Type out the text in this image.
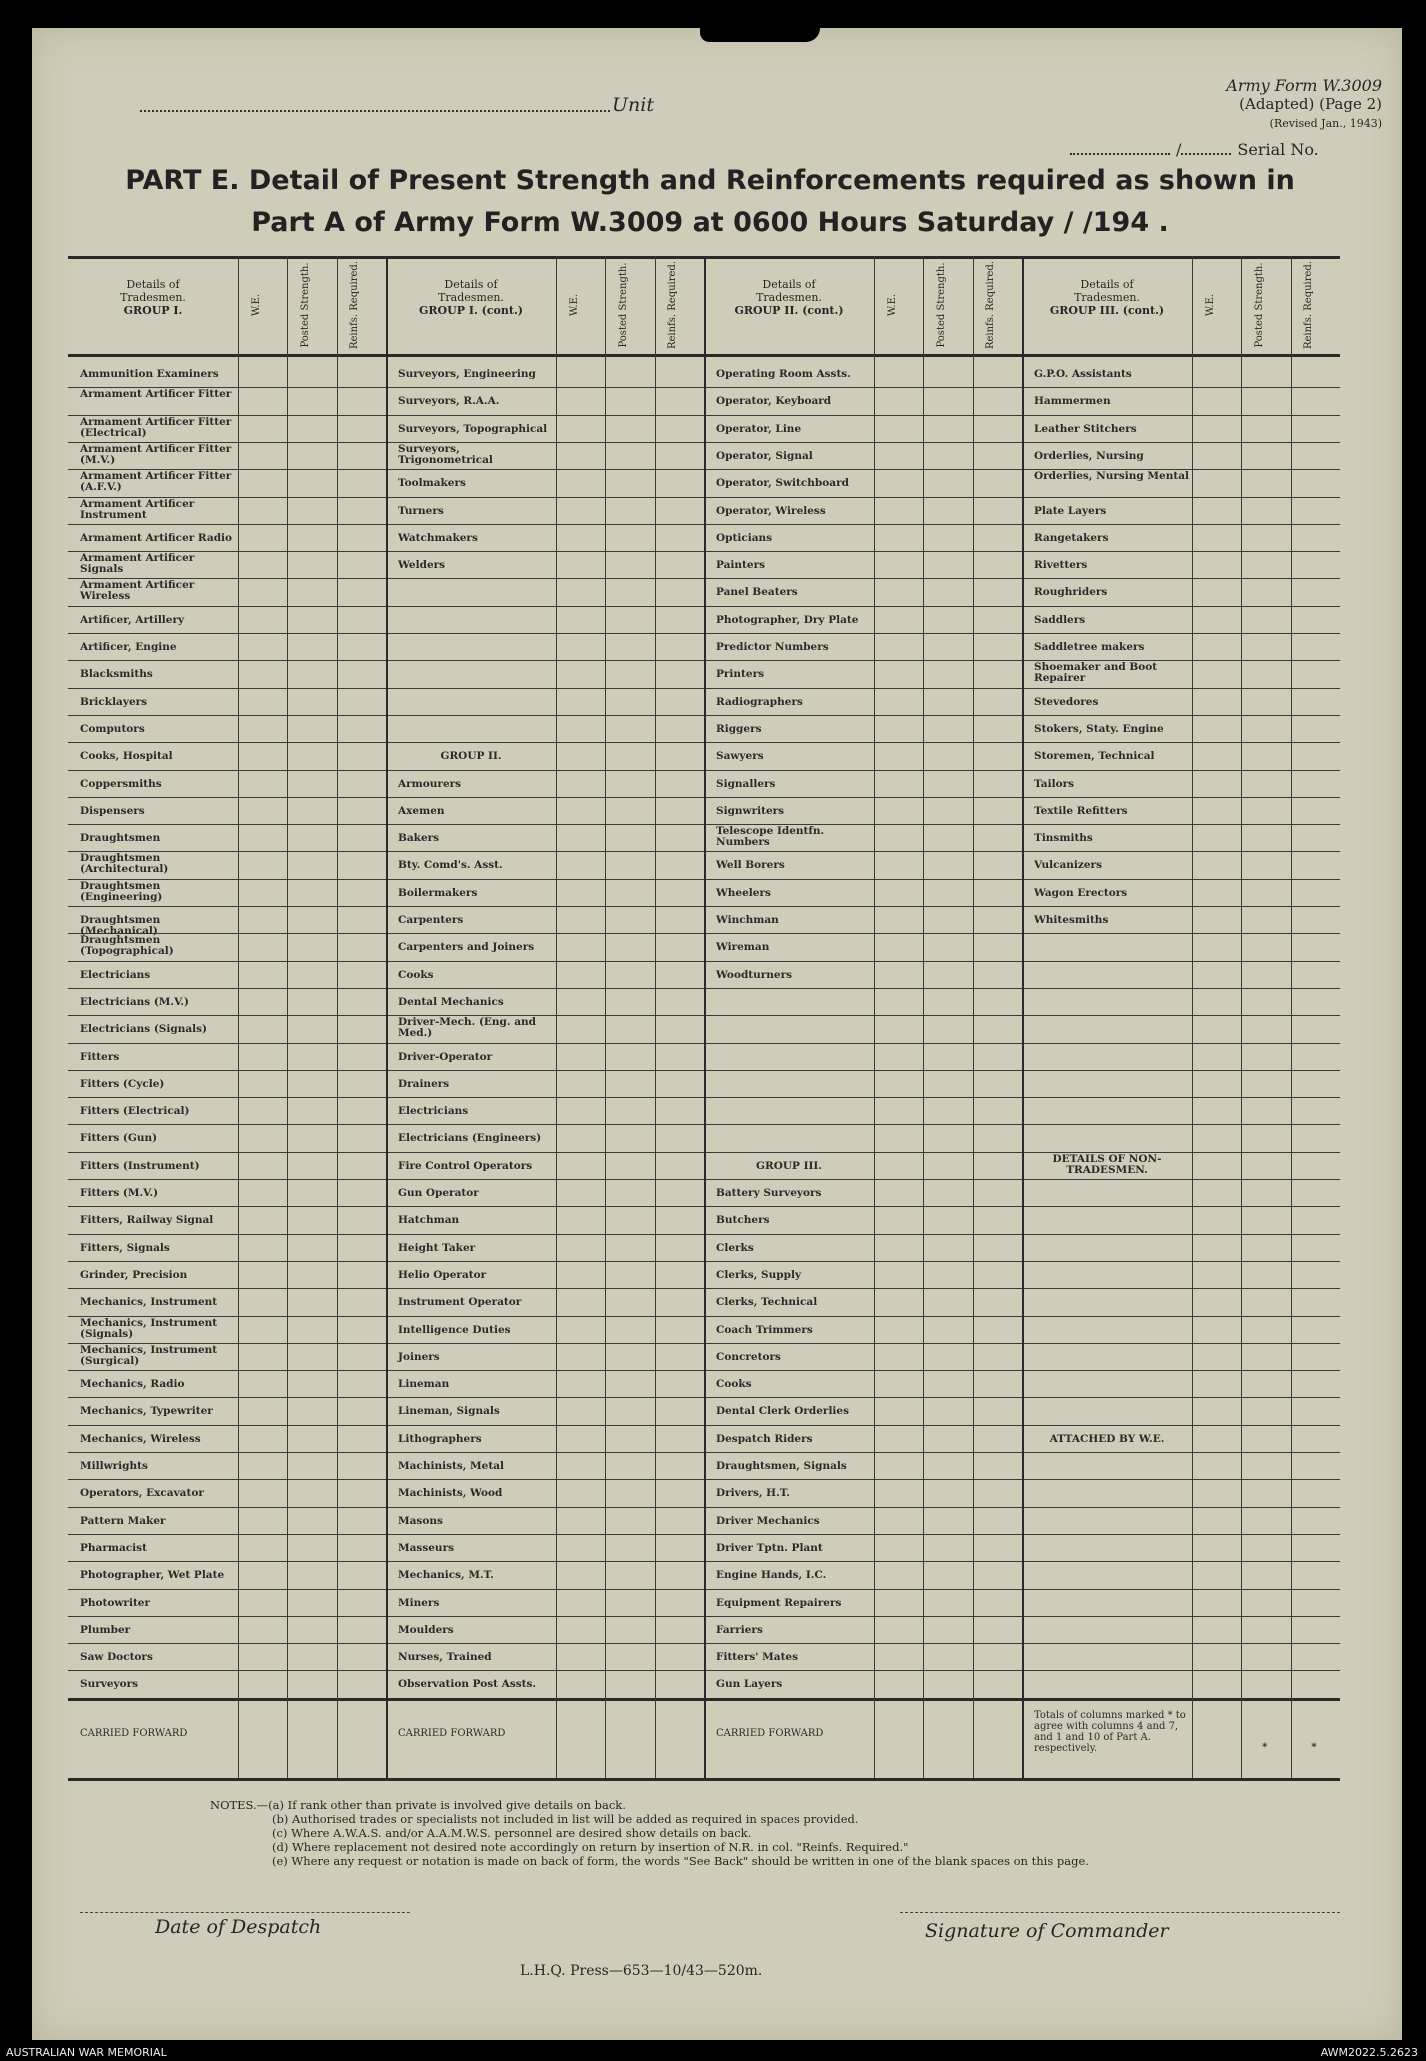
Unit
Army Form W.3009
(Adapted) (Page 2)
(Revised Jan., 1943)
/	Serial No.
PART E. Detail of Present Strength and Reinforcements required as shown in
Part A of Army Form W.3009 at 0600 Hours Saturday / /194 .
Details of
Tradesmen.
GROUP I.	W.E.	Posted Strength.	Reinfs. Required.
Ammunition Examiners
Armament Artificer Fitter
Armament Artificer Fitter (Electrical)
Armament Artificer Fitter (M.V.)
Armament Artificer Fitter (A.F.V.)
Armament Artificer Instrument
Armament Artificer Radio
Armament Artificer Signals
Armament Artificer Wireless
Artificer, Artillery
Artificer, Engine
Blacksmiths
Bricklayers
Computors
Cooks, Hospital
Coppersmiths
Dispensers
Draughtsmen
Draughtsmen (Architectural)
Draughtsmen (Engineering)
Draughtsmen (Mechanical)
Draughtsmen (Topographical)
Electricians
Electricians (M.V.)
Electricians (Signals)
Fitters
Fitters (Cycle)
Fitters (Electrical)
Fitters (Gun)
Fitters (Instrument)
Fitters (M.V.)
Fitters, Railway Signal
Fitters, Signals
Grinder, Precision
Mechanics, Instrument
Mechanics, Instrument (Signals)
Mechanics, Instrument (Surgical)
Mechanics, Radio
Mechanics, Typewriter
Mechanics, Wireless
Millwrights
Operators, Excavator
Pattern Maker
Pharmacist
Photographer, Wet Plate
Photowriter
Plumber
Saw Doctors
Surveyors
CARRIED FORWARD
Details of
Tradesmen.
GROUP I. (cont.)	W.E.	Posted Strength.	Reinfs. Required.
Surveyors, Engineering
Surveyors, R.A.A.
Surveyors, Topographical
Surveyors, Trigonometrical
Toolmakers
Turners
Watchmakers
Welders
GROUP II.
Armourers
Axemen
Bakers
Bty. Comd's. Asst.
Boilermakers
Carpenters
Carpenters and Joiners
Cooks
Dental Mechanics
Driver-Mech. (Eng. and Med.)
Driver-Operator
Drainers
Electricians
Electricians (Engineers)
Fire Control Operators
Gun Operator
Hatchman
Height Taker
Helio Operator
Instrument Operator
Intelligence Duties
Joiners
Lineman
Lineman, Signals
Lithographers
Machinists, Metal
Machinists, Wood
Masons
Masseurs
Mechanics, M.T.
Miners
Moulders
Nurses, Trained
Observation Post Assts.
CARRIED FORWARD
Details of
Tradesmen.
GROUP II. (cont.)	W.E.	Posted Strength.	Reinfs. Required.
Operating Room Assts.
Operator, Keyboard
Operator, Line
Operator, Signal
Operator, Switchboard
Operator, Wireless
Opticians
Painters
Panel Beaters
Photographer, Dry Plate
Predictor Numbers
Printers
Radiographers
Riggers
Sawyers
Signallers
Signwriters
Telescope Identfn. Numbers
Well Borers
Wheelers
Winchman
Wireman
Woodturners
GROUP III.
Battery Surveyors
Butchers
Clerks
Clerks, Supply
Clerks, Technical
Coach Trimmers
Concretors
Cooks
Dental Clerk Orderlies
Despatch Riders
Draughtsmen, Signals
Drivers, H.T.
Driver Mechanics
Driver Tptn. Plant
Engine Hands, I.C.
Equipment Repairers
Farriers
Fitters' Mates
Gun Layers
CARRIED FORWARD
Details of
Tradesmen.
GROUP III. (cont.)	W.E.	Posted Strength.	Reinfs. Required.
G.P.O. Assistants
Hammermen
Leather Stitchers
Orderlies, Nursing
Orderlies, Nursing Mental
Plate Layers
Rangetakers
Rivetters
Roughriders
Saddlers
Saddletree makers
Shoemaker and Boot Repairer
Stevedores
Stokers, Staty. Engine
Storemen, Technical
Tailors
Textile Refitters
Tinsmiths
Vulcanizers
Wagon Erectors
Whitesmiths
DETAILS OF NON-TRADESMEN.
ATTACHED BY W.E.
Totals of columns marked * to agree with columns 4 and 7, and 1 and 10 of Part A. respectively.	*	*
NOTES.—(a) If rank other than private is involved give details on back.
(b) Authorised trades or specialists not included in list will be added as required in spaces provided.
(c) Where A.W.A.S. and/or A.A.M.W.S. personnel are desired show details on back.
(d) Where replacement not desired note accordingly on return by insertion of N.R. in col. "Reinfs. Required."
(e) Where any request or notation is made on back of form, the words "See Back" should be written in one of the blank spaces on this page.
Date of Despatch	Signature of Commander
L.H.Q. Press—653—10/43—520m.
AUSTRALIAN WAR MEMORIAL	AWM2022.5.2623
